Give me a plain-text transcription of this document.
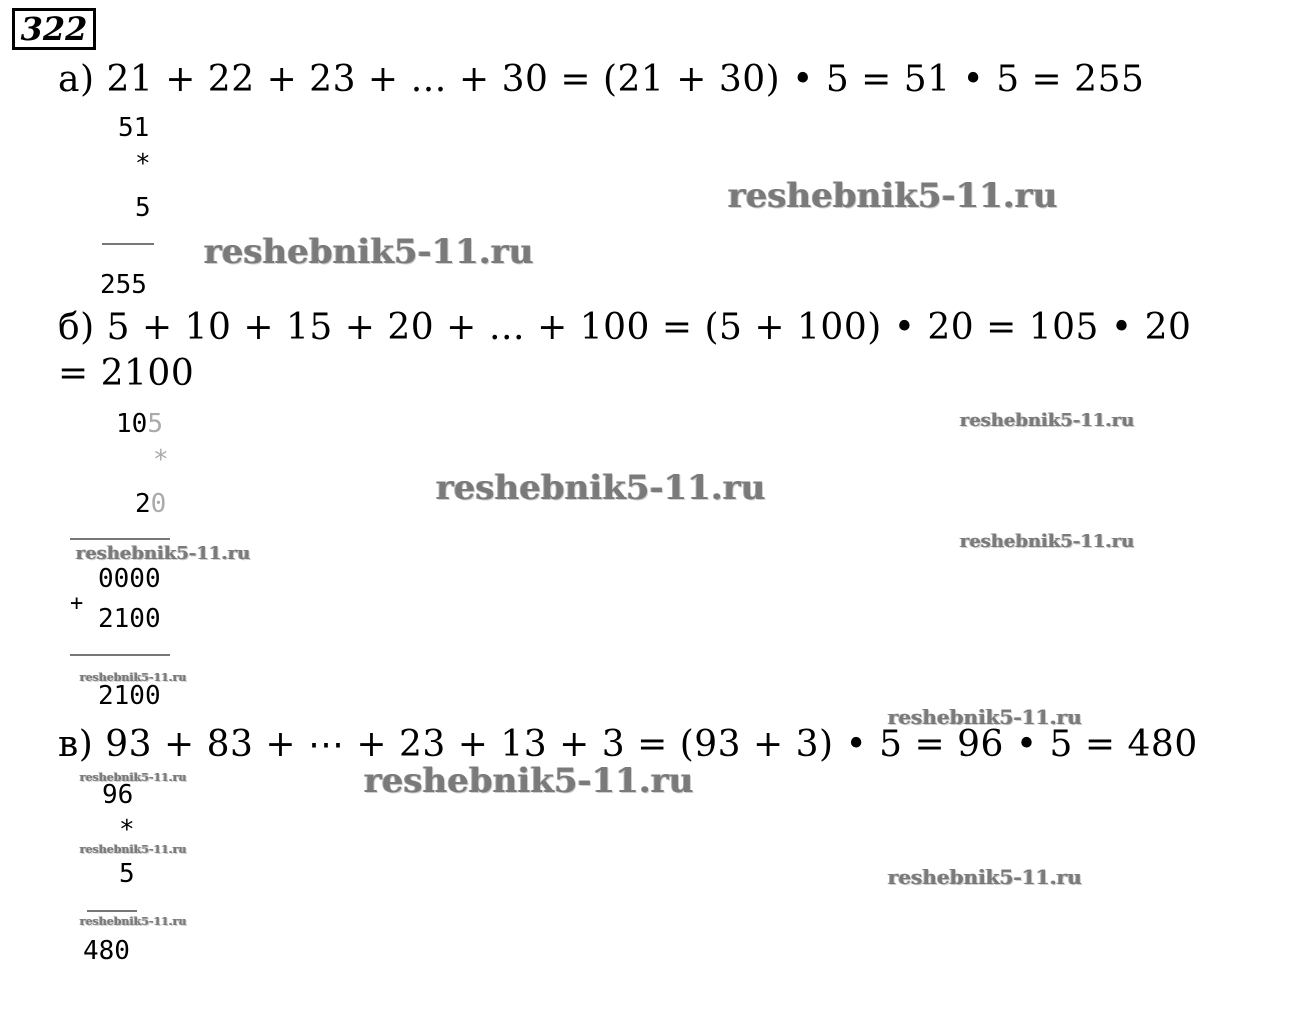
322
а) 21 + 22 + 23 + … + 30 = (21 + 30) • 5 = 51 • 5 = 255
51
*
5
255
б) 5 + 10 + 15 + 20 + … + 100 = (5 + 100) • 20 = 105 • 20
= 2100
105
*
20
0000
+
2100
2100
в) 93 + 83 + ⋯ + 23 + 13 + 3 = (93 + 3) • 5 = 96 • 5 = 480
96
*
5
480
reshebnik5-11.ru
reshebnik5-11.ru
reshebnik5-11.ru
reshebnik5-11.ru
reshebnik5-11.ru
reshebnik5-11.ru
reshebnik5-11.ru
reshebnik5-11.ru
reshebnik5-11.ru
reshebnik5-11.ru
reshebnik5-11.ru
reshebnik5-11.ru
reshebnik5-11.ru
